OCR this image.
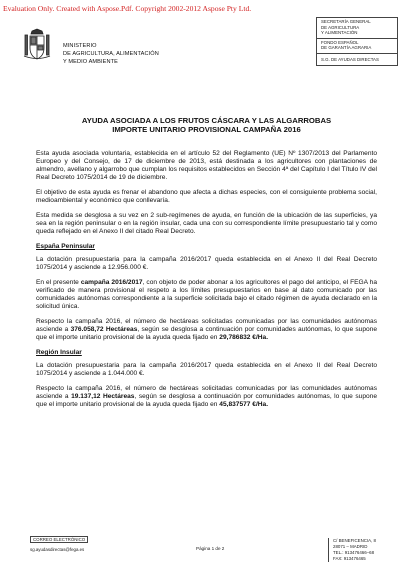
Evaluation Only. Created with Aspose.Pdf. Copyright 2002-2012 Aspose Pty Ltd.
MINISTERIO
DE AGRICULTURA, ALIMENTACIÓN
Y MEDIO AMBIENTE
SECRETARÍA GENERAL
DE AGRICULTURA
Y ALIMENTACIÓN
FONDO ESPAÑOL
DE GARANTÍA AGRARIA
S.G. DE AYUDAS DIRECTAS
AYUDA ASOCIADA A LOS FRUTOS CÁSCARA Y LAS ALGARROBAS
IMPORTE UNITARIO PROVISIONAL CAMPAÑA 2016

Esta ayuda asociada voluntaria, establecida en el artículo 52 del Reglamento (UE) Nº 1307/2013 del Parlamento Europeo y del Consejo, de 17 de diciembre de 2013, está destinada a los agricultores con plantaciones de almendro, avellano y algarrobo que cumplan los requisitos establecidos en Sección 4ª del Capítulo I del Título IV del Real Decreto 1075/2014 de 19 de diciembre.

El objetivo de esta ayuda es frenar el abandono que afecta a dichas especies, con el consiguiente problema social, medioambiental y económico que conllevaría.

Esta medida se desglosa a su vez en 2 sub-regímenes de ayuda, en función de la ubicación de las superficies, ya sea en la región peninsular o en la región insular, cada una con su correspondiente límite presupuestario tal y como queda reflejado en el Anexo II del citado Real Decreto.

España Peninsular

La dotación presupuestaria para la campaña 2016/2017 queda establecida en el Anexo II del Real Decreto 1075/2014 y asciende a 12.956.000 €.

En el presente campaña 2016/2017, con objeto de poder abonar a los agricultores el pago del anticipo, el FEGA ha verificado de manera provisional el respeto a los límites presupuestarios en base al dato comunicado por las comunidades autónomas correspondiente a la superficie solicitada bajo el citado régimen de ayuda declarado en la solicitud única.

Respecto la campaña 2016, el número de hectáreas solicitadas comunicadas por las comunidades autónomas asciende a 376.058,72 Hectáreas, según se desglosa a continuación por comunidades autónomas, lo que supone que el importe unitario provisional de la ayuda queda fijado en 29,786832 €/Ha.

Región Insular

La dotación presupuestaria para la campaña 2016/2017 queda establecida en el Anexo II del Real Decreto 1075/2014 y asciende a 1.044.000 €.

Respecto la campaña 2016, el número de hectáreas solicitadas comunicadas por las comunidades autónomas asciende a 19.137,12 Hectáreas, según se desglosa a continuación por comunidades autónomas, lo que supone que el importe unitario provisional de la ayuda queda fijado en 45,837577 €/Ha.

CORREO ELECTRÓNICO
sg.ayudasdirectas@fega.es	Página 1 de 2
C/ BENEFICENCIA, 8
28071 – MADRID
TEL.: 913476466–68
FAX: 913476465
